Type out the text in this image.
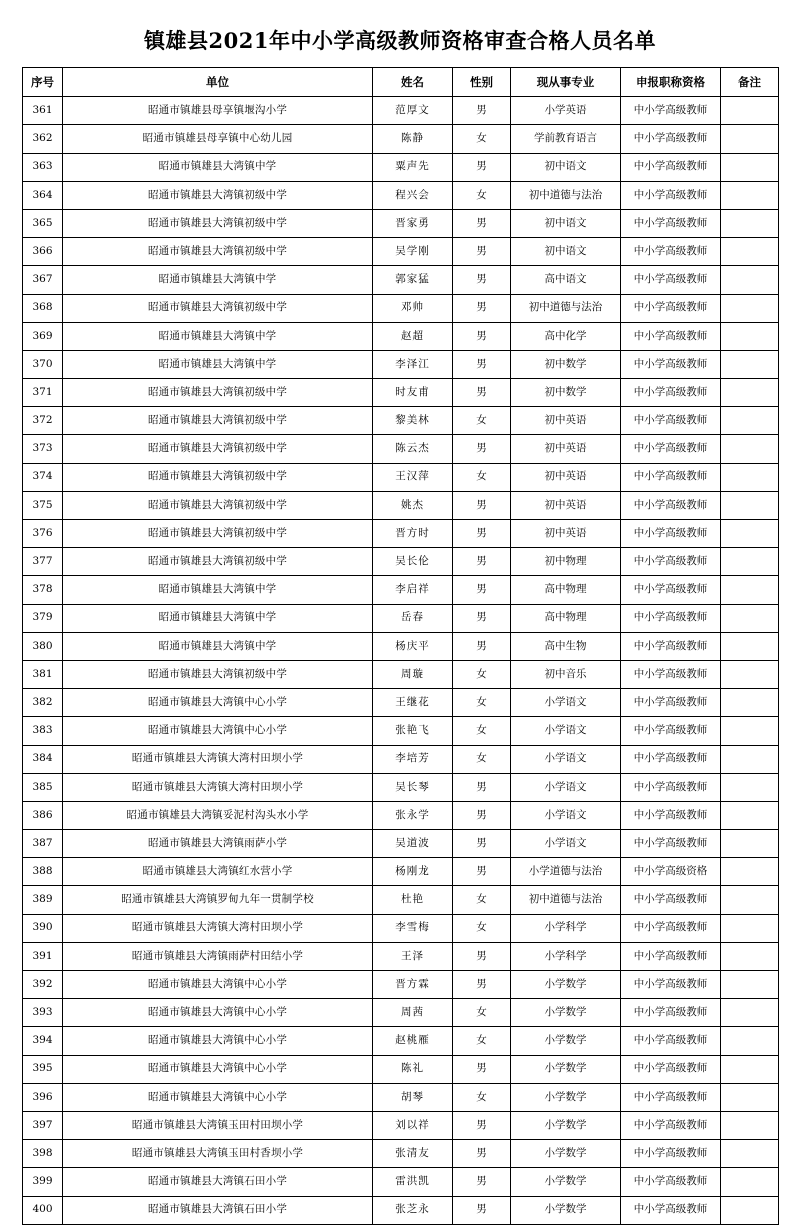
镇雄县2021年中小学高级教师资格审查合格人员名单
序号	单位	姓名	性别	现从事专业	申报职称资格	备注
361	昭通市镇雄县母享镇堰沟小学	范厚文	男	小学英语	中小学高级教师	
362	昭通市镇雄县母享镇中心幼儿园	陈静	女	学前教育语言	中小学高级教师	
363	昭通市镇雄县大湾镇中学	粟声先	男	初中语文	中小学高级教师	
364	昭通市镇雄县大湾镇初级中学	程兴会	女	初中道德与法治	中小学高级教师	
365	昭通市镇雄县大湾镇初级中学	晋家勇	男	初中语文	中小学高级教师	
366	昭通市镇雄县大湾镇初级中学	吴学刚	男	初中语文	中小学高级教师	
367	昭通市镇雄县大湾镇中学	郭家猛	男	高中语文	中小学高级教师	
368	昭通市镇雄县大湾镇初级中学	邓帅	男	初中道德与法治	中小学高级教师	
369	昭通市镇雄县大湾镇中学	赵超	男	高中化学	中小学高级教师	
370	昭通市镇雄县大湾镇中学	李泽江	男	初中数学	中小学高级教师	
371	昭通市镇雄县大湾镇初级中学	时友甫	男	初中数学	中小学高级教师	
372	昭通市镇雄县大湾镇初级中学	黎美林	女	初中英语	中小学高级教师	
373	昭通市镇雄县大湾镇初级中学	陈云杰	男	初中英语	中小学高级教师	
374	昭通市镇雄县大湾镇初级中学	王汉萍	女	初中英语	中小学高级教师	
375	昭通市镇雄县大湾镇初级中学	姚杰	男	初中英语	中小学高级教师	
376	昭通市镇雄县大湾镇初级中学	晋方时	男	初中英语	中小学高级教师	
377	昭通市镇雄县大湾镇初级中学	吴长伦	男	初中物理	中小学高级教师	
378	昭通市镇雄县大湾镇中学	李启祥	男	高中物理	中小学高级教师	
379	昭通市镇雄县大湾镇中学	岳春	男	高中物理	中小学高级教师	
380	昭通市镇雄县大湾镇中学	杨庆平	男	高中生物	中小学高级教师	
381	昭通市镇雄县大湾镇初级中学	周璇	女	初中音乐	中小学高级教师	
382	昭通市镇雄县大湾镇中心小学	王继花	女	小学语文	中小学高级教师	
383	昭通市镇雄县大湾镇中心小学	张艳飞	女	小学语文	中小学高级教师	
384	昭通市镇雄县大湾镇大湾村田坝小学	李培芳	女	小学语文	中小学高级教师	
385	昭通市镇雄县大湾镇大湾村田坝小学	吴长琴	男	小学语文	中小学高级教师	
386	昭通市镇雄县大湾镇妥泥村沟头水小学	张永学	男	小学语文	中小学高级教师	
387	昭通市镇雄县大湾镇雨萨小学	吴道波	男	小学语文	中小学高级教师	
388	昭通市镇雄县大湾镇红水营小学	杨刚龙	男	小学道德与法治	中小学高级资格	
389	昭通市镇雄县大湾镇罗甸九年一贯制学校	杜艳	女	初中道德与法治	中小学高级教师	
390	昭通市镇雄县大湾镇大湾村田坝小学	李雪梅	女	小学科学	中小学高级教师	
391	昭通市镇雄县大湾镇雨萨村田结小学	王泽	男	小学科学	中小学高级教师	
392	昭通市镇雄县大湾镇中心小学	晋方霖	男	小学数学	中小学高级教师	
393	昭通市镇雄县大湾镇中心小学	周茜	女	小学数学	中小学高级教师	
394	昭通市镇雄县大湾镇中心小学	赵桃雁	女	小学数学	中小学高级教师	
395	昭通市镇雄县大湾镇中心小学	陈礼	男	小学数学	中小学高级教师	
396	昭通市镇雄县大湾镇中心小学	胡琴	女	小学数学	中小学高级教师	
397	昭通市镇雄县大湾镇玉田村田坝小学	刘以祥	男	小学数学	中小学高级教师	
398	昭通市镇雄县大湾镇玉田村香坝小学	张清友	男	小学数学	中小学高级教师	
399	昭通市镇雄县大湾镇石田小学	雷洪凯	男	小学数学	中小学高级教师	
400	昭通市镇雄县大湾镇石田小学	张芝永	男	小学数学	中小学高级教师	
